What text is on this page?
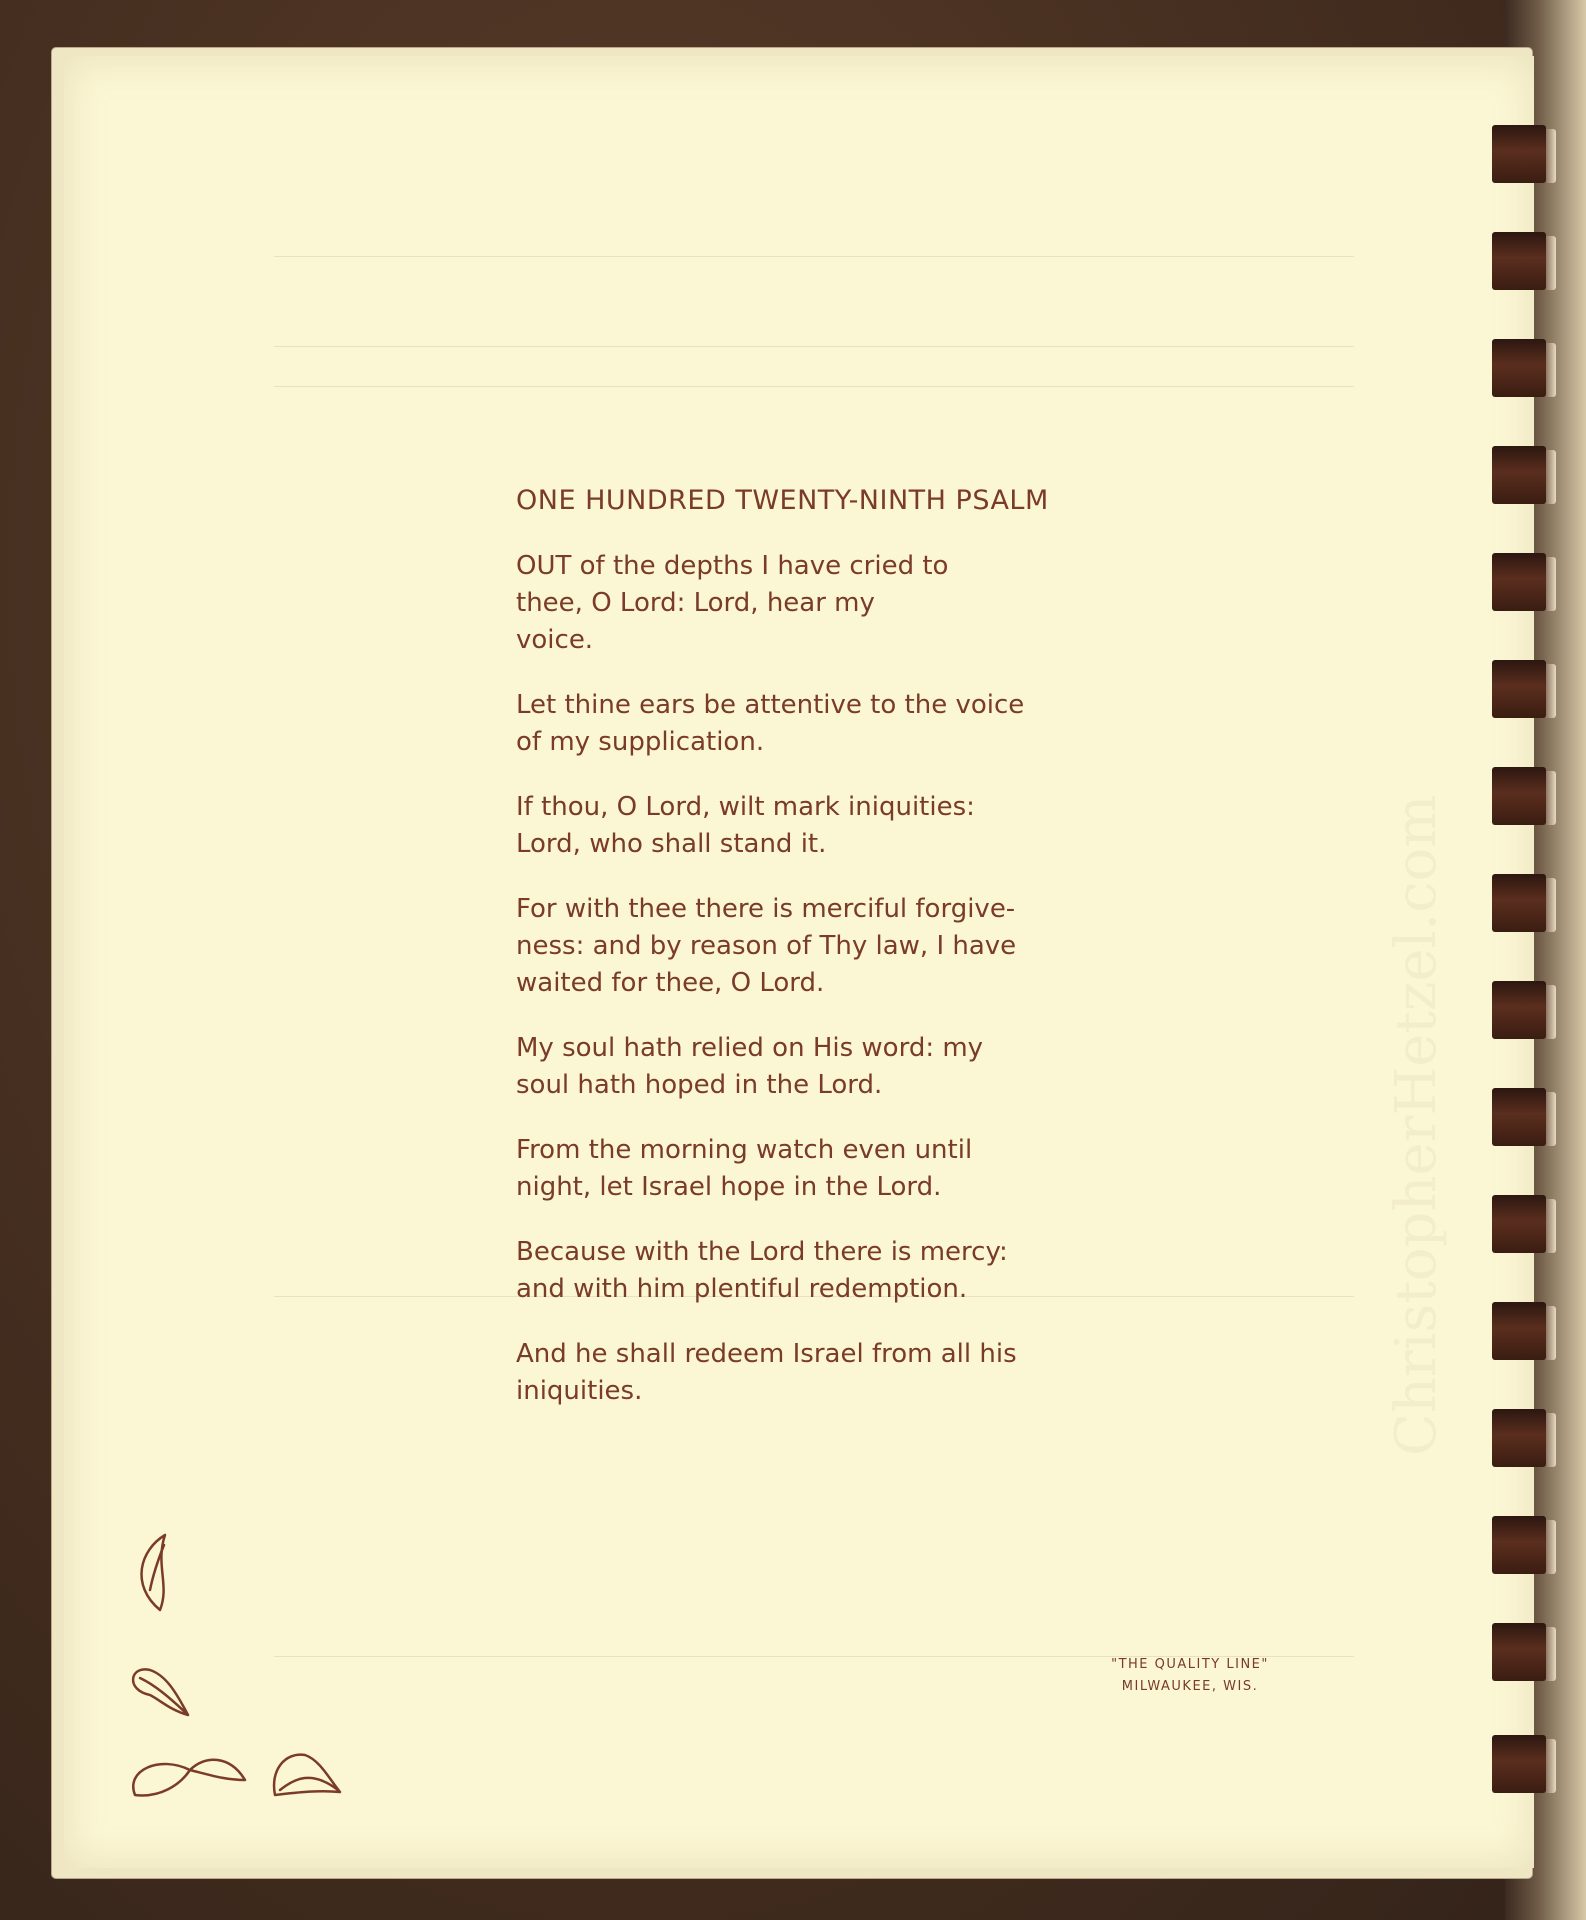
ChristopherHetzel.com
ONE HUNDRED TWENTY-NINTH PSALM

OUT of the depths I have cried to
thee, O Lord: Lord, hear my
voice.

Let thine ears be attentive to the voice
of my supplication.

If thou, O Lord, wilt mark iniquities:
Lord, who shall stand it.

For with thee there is merciful forgive-
ness: and by reason of Thy law, I have
waited for thee, O Lord.

My soul hath relied on His word: my
soul hath hoped in the Lord.

From the morning watch even until
night, let Israel hope in the Lord.

Because with the Lord there is mercy:
and with him plentiful redemption.

And he shall redeem Israel from all his
iniquities.

"THE QUALITY LINE"
MILWAUKEE, WIS.
